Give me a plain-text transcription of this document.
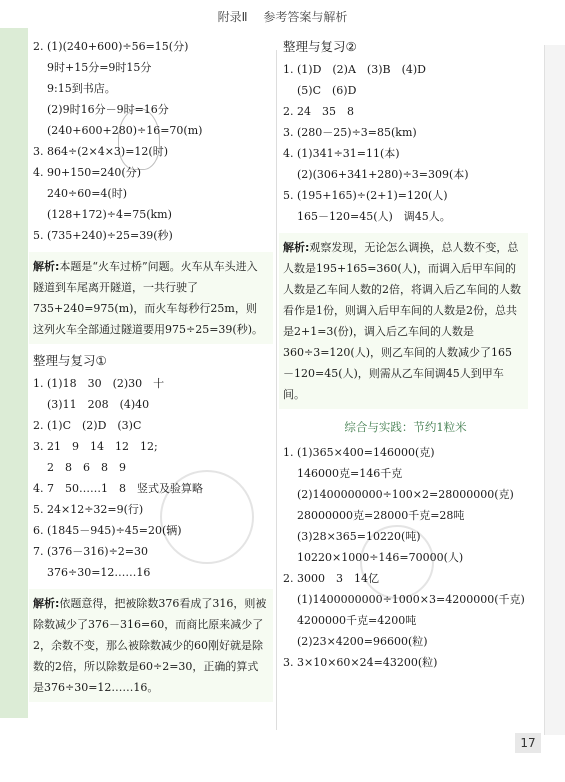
附录Ⅱ 参考答案与解析
2. (1)(240+600)÷56=15(分)
9时+15分=9时15分
9:15到书店。
(2)9时16分－9时=16分
(240+600+280)÷16=70(m)
3. 864÷(2×4×3)=12(时)
4. 90+150=240(分)
240÷60=4(时)
(128+172)÷4=75(km)
5. (735+240)÷25=39(秒)
解析:本题是“火车过桥”问题。火车从车头进入隧道到车尾离开隧道，一共行驶了735+240=975(m)，而火车每秒行25m，则这列火车全部通过隧道要用975÷25=39(秒)。
整理与复习①
1. (1)18　30　(2)30　十
(3)11　208　(4)40
2. (1)C　(2)D　(3)C
3. 21　9　14　12　12;
2　8　6　8　9
4. 7　50……1　8　竖式及验算略
5. 24×12÷32=9(行)
6. (1845－945)÷45=20(辆)
7. (376－316)÷2=30
376÷30=12……16
解析:依题意得，把被除数376看成了316，则被除数减少了376－316=60，而商比原来减少了2，余数不变，那么被除数减少的60刚好就是除数的2倍，所以除数是60÷2=30，正确的算式是376÷30=12……16。
整理与复习②
1. (1)D　(2)A　(3)B　(4)D
(5)C　(6)D
2. 24　35　8
3. (280－25)÷3=85(km)
4. (1)341÷31=11(本)
(2)(306+341+280)÷3=309(本)
5. (195+165)÷(2+1)=120(人)
165－120=45(人)　调45人。
解析:观察发现，无论怎么调换，总人数不变，总人数是195+165=360(人)，而调入后甲车间的人数是乙车间人数的2倍，将调入后乙车间的人数看作是1份，则调入后甲车间的人数是2份，总共是2+1=3(份)，调入后乙车间的人数是360÷3=120(人)，则乙车间的人数减少了165－120=45(人)，则需从乙车间调45人到甲车间。
综合与实践：节约1粒米
1. (1)365×400=146000(克)
146000克=146千克
(2)1400000000÷100×2=28000000(克)
28000000克=28000千克=28吨
(3)28×365=10220(吨)
10220×1000÷146=70000(人)
2. 3000　3　14亿
(1)1400000000÷1000×3=4200000(千克)
4200000千克=4200吨
(2)23×4200=96600(粒)
3. 3×10×60×24=43200(粒)
17
